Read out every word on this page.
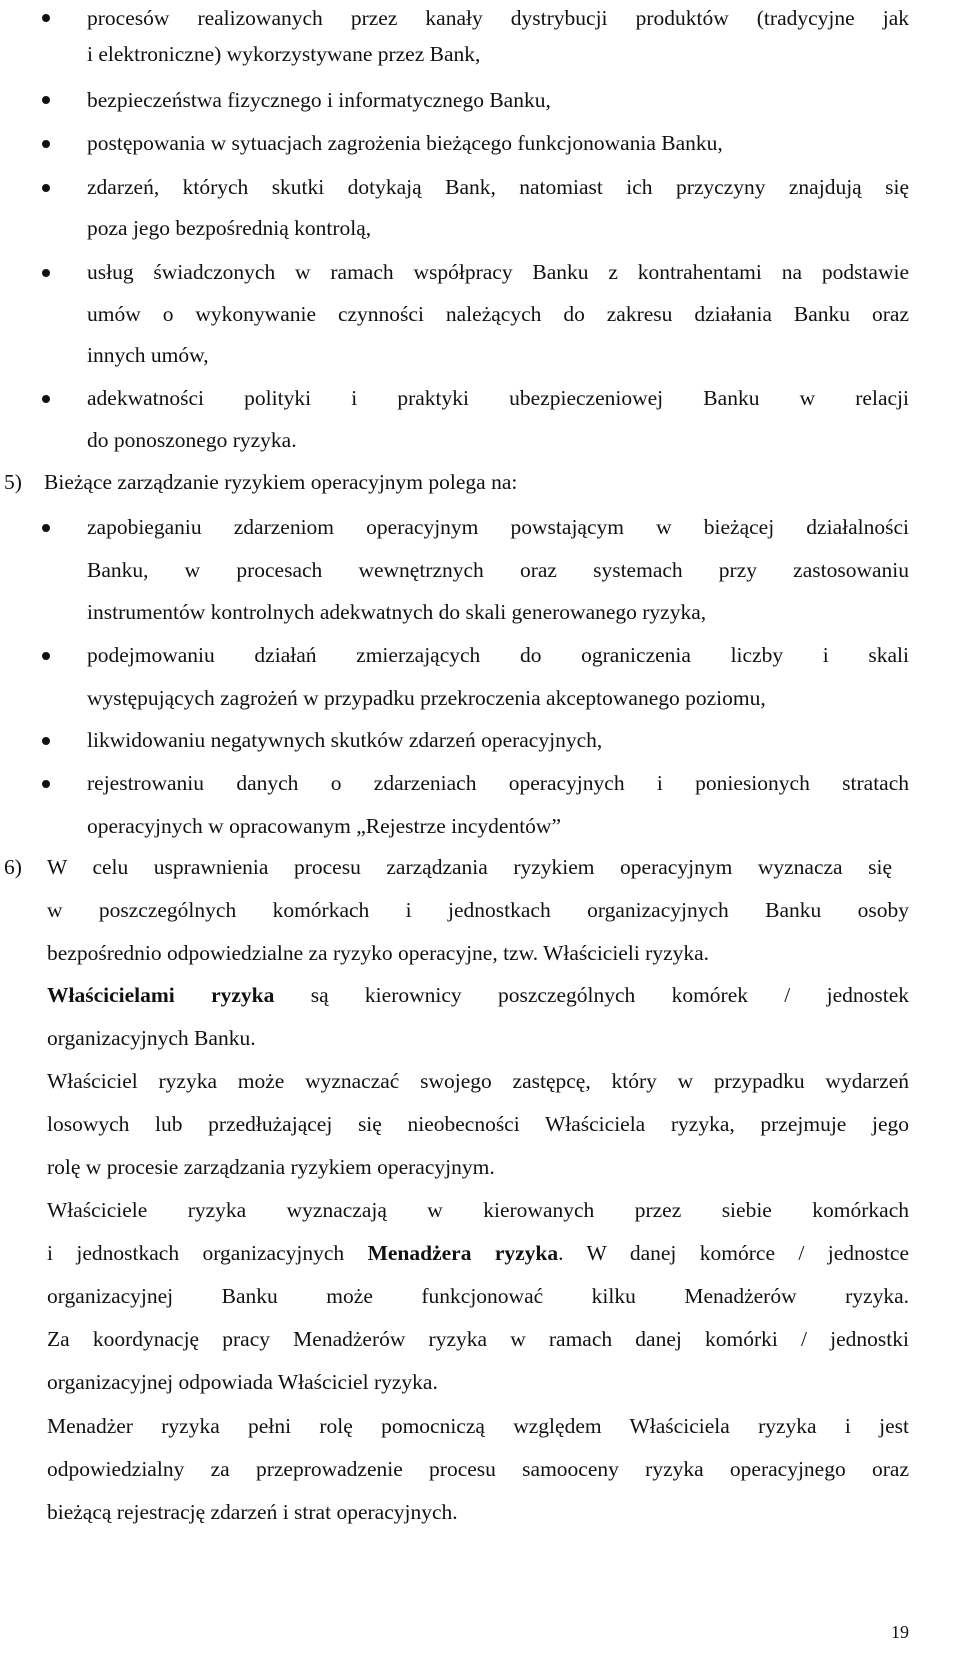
procesów realizowanych przez kanały dystrybucji produktów (tradycyjne jak
i elektroniczne) wykorzystywane przez Bank,
bezpieczeństwa fizycznego i informatycznego Banku,
postępowania w sytuacjach zagrożenia bieżącego funkcjonowania Banku,
zdarzeń, których skutki dotykają Bank, natomiast ich przyczyny znajdują się
poza jego bezpośrednią kontrolą,
usług świadczonych w ramach współpracy Banku z kontrahentami na podstawie
umów o wykonywanie czynności należących do zakresu działania Banku oraz
innych umów,
adekwatności polityki i praktyki ubezpieczeniowej Banku w relacji
do ponoszonego ryzyka.
5) Bieżące zarządzanie ryzykiem operacyjnym polega na:
zapobieganiu zdarzeniom operacyjnym powstającym w bieżącej działalności
Banku, w procesach wewnętrznych oraz systemach przy zastosowaniu
instrumentów kontrolnych adekwatnych do skali generowanego ryzyka,
podejmowaniu działań zmierzających do ograniczenia liczby i skali
występujących zagrożeń w przypadku przekroczenia akceptowanego poziomu,
likwidowaniu negatywnych skutków zdarzeń operacyjnych,
rejestrowaniu danych o zdarzeniach operacyjnych i poniesionych stratach
operacyjnych w opracowanym „Rejestrze incydentów”
6) W celu usprawnienia procesu zarządzania ryzykiem operacyjnym wyznacza się
w poszczególnych komórkach i jednostkach organizacyjnych Banku osoby
bezpośrednio odpowiedzialne za ryzyko operacyjne, tzw. Właścicieli ryzyka.
Właścicielami ryzyka są kierownicy poszczególnych komórek / jednostek
organizacyjnych Banku.
Właściciel ryzyka może wyznaczać swojego zastępcę, który w przypadku wydarzeń
losowych lub przedłużającej się nieobecności Właściciela ryzyka, przejmuje jego
rolę w procesie zarządzania ryzykiem operacyjnym.
Właściciele ryzyka wyznaczają w kierowanych przez siebie komórkach
i jednostkach organizacyjnych Menadżera ryzyka. W danej komórce / jednostce
organizacyjnej Banku może funkcjonować kilku Menadżerów ryzyka.
Za koordynację pracy Menadżerów ryzyka w ramach danej komórki / jednostki
organizacyjnej odpowiada Właściciel ryzyka.
Menadżer ryzyka pełni rolę pomocniczą względem Właściciela ryzyka i jest
odpowiedzialny za przeprowadzenie procesu samooceny ryzyka operacyjnego oraz
bieżącą rejestrację zdarzeń i strat operacyjnych.
19
